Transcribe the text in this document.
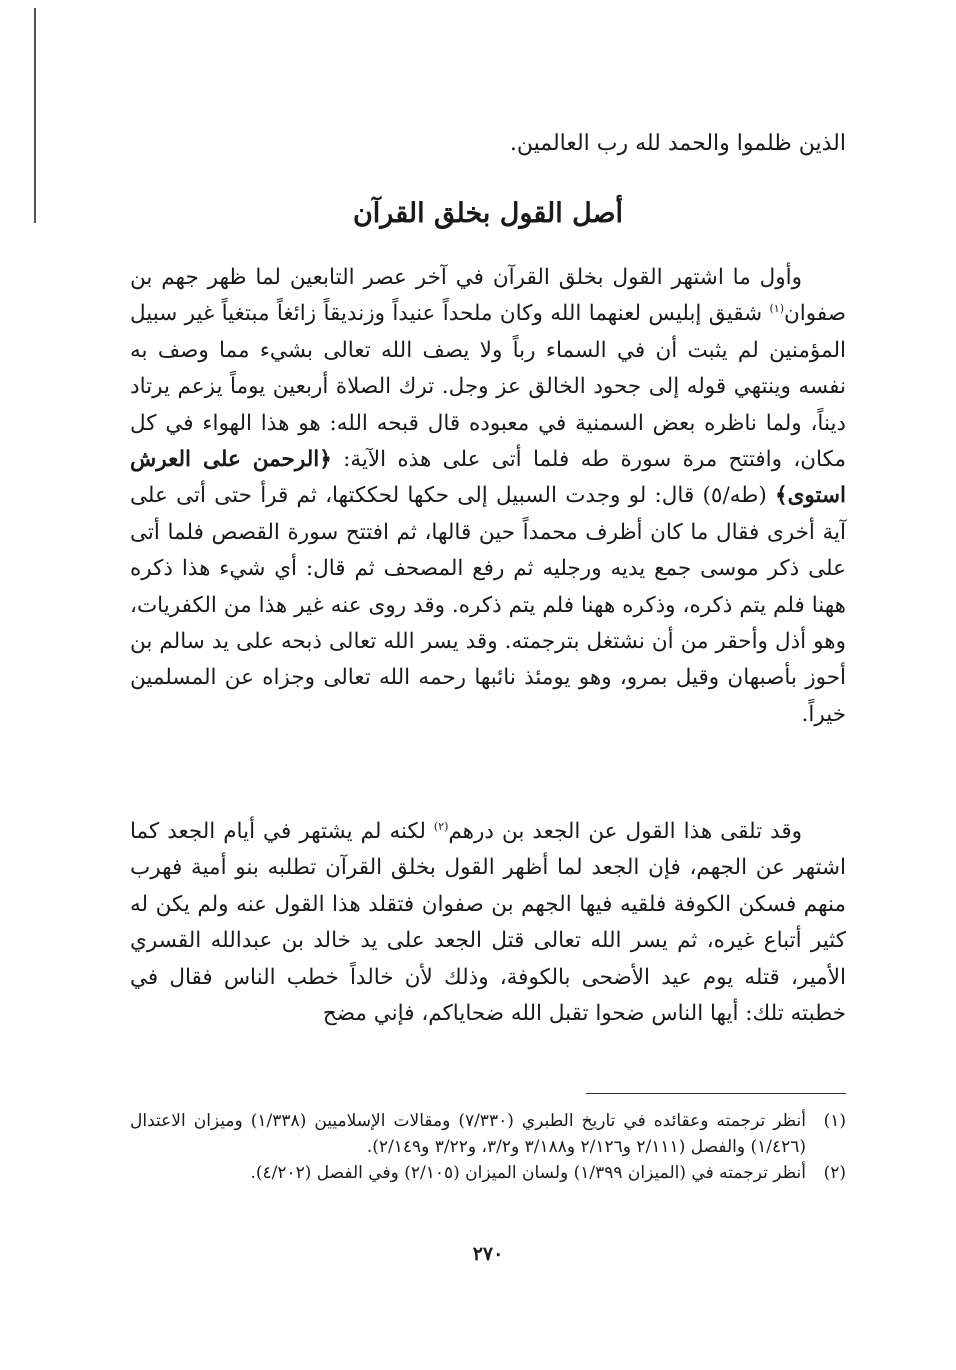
الذين ظلموا والحمد لله رب العالمين.

أصل القول بخلق القرآن

وأول ما اشتهر القول بخلق القرآن في آخر عصر التابعين لما ظهر جهم بن صفوان$^{(١)}$ شقيق إبليس لعنهما الله وكان ملحداً عنيداً وزنديقاً زائغاً مبتغياً غير سبيل المؤمنين لم يثبت أن في السماء رباً ولا يصف الله تعالى بشيء مما وصف به نفسه وينتهي قوله إلى جحود الخالق عز وجل. ترك الصلاة أربعين يوماً يزعم يرتاد ديناً، ولما ناظره بعض السمنية في معبوده قال قبحه الله: هو هذا الهواء في كل مكان، وافتتح مرة سورة طه فلما أتى على هذه الآية: ﴿الرحمن على العرش استوى﴾ (طه/٥) قال: لو وجدت السبيل إلى حكها لحككتها، ثم قرأ حتى أتى على آية أخرى فقال ما كان أظرف محمداً حين قالها، ثم افتتح سورة القصص فلما أتى على ذكر موسى جمع يديه ورجليه ثم رفع المصحف ثم قال: أي شيء هذا ذكره ههنا فلم يتم ذكره، وذكره ههنا فلم يتم ذكره. وقد روى عنه غير هذا من الكفريات، وهو أذل وأحقر من أن نشتغل بترجمته. وقد يسر الله تعالى ذبحه على يد سالم بن أحوز بأصبهان وقيل بمرو، وهو يومئذ نائبها رحمه الله تعالى وجزاه عن المسلمين خيراً.

وقد تلقى هذا القول عن الجعد بن درهم$^{(٢)}$ لكنه لم يشتهر في أيام الجعد كما اشتهر عن الجهم، فإن الجعد لما أظهر القول بخلق القرآن تطلبه بنو أمية فهرب منهم فسكن الكوفة فلقيه فيها الجهم بن صفوان فتقلد هذا القول عنه ولم يكن له كثير أتباع غيره، ثم يسر الله تعالى قتل الجعد على يد خالد بن عبدالله القسري الأمير، قتله يوم عيد الأضحى بالكوفة، وذلك لأن خالداً خطب الناس فقال في خطبته تلك: أيها الناس ضحوا تقبل الله ضحاياكم، فإني مضح

(١)أنظر ترجمته وعقائده في تاريخ الطبري (٧/٣٣٠) ومقالات الإسلاميين (١/٣٣٨) وميزان الاعتدال (١/٤٢٦) والفصل (٢/١١١ و٢/١٢٦ و٣/١٨٨ و٣/٢، و٣/٢٢ و٢/١٤٩).

(٢)أنظر ترجمته في (الميزان ١/٣٩٩) ولسان الميزان (٢/١٠٥) وفي الفصل (٤/٢٠٢).

٢٧٠
